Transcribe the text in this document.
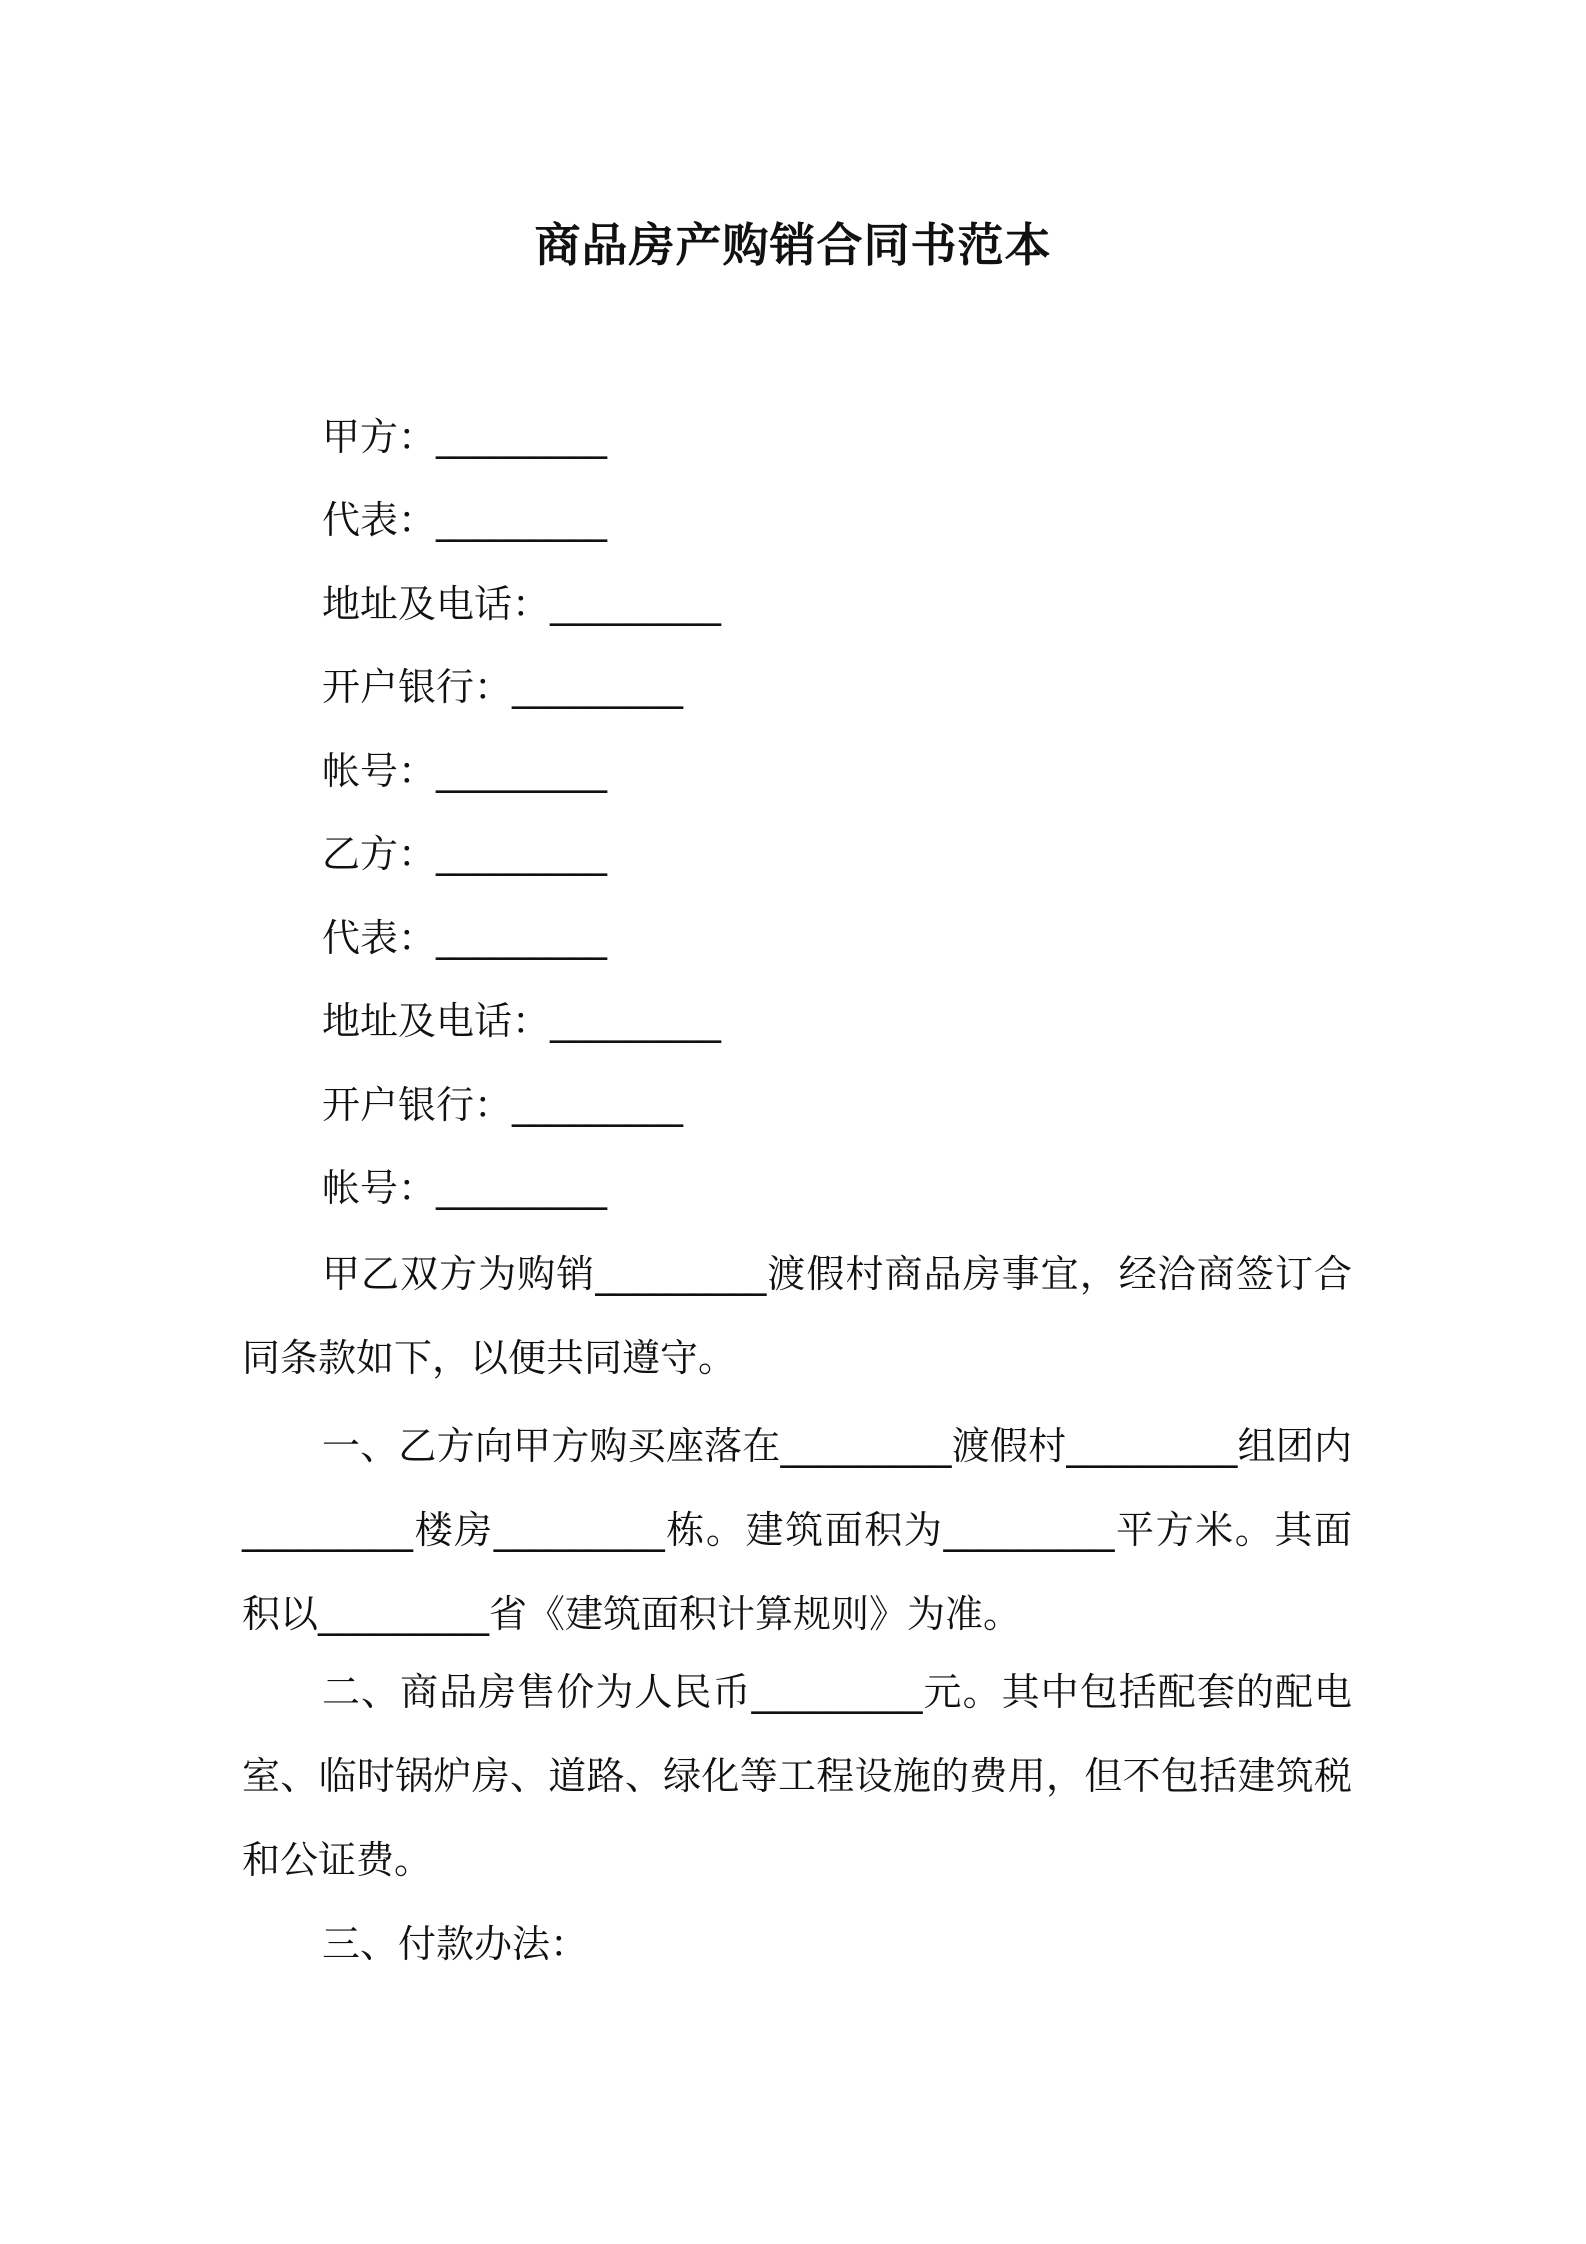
商品房产购销合同书范本

甲方：_________

代表：_________

地址及电话：_________

开户银行：_________

帐号：_________

乙方：_________

代表：_________

地址及电话：_________

开户银行：_________

帐号：_________

甲乙双方为购销_________渡假村商品房事宜，经洽商签订合同条款如下，以便共同遵守。

一、乙方向甲方购买座落在_________渡假村_________组团内_________楼房_________栋。建筑面积为_________平方米。其面积以_________省《建筑面积计算规则》为准。

二、商品房售价为人民币_________元。其中包括配套的配电室、临时锅炉房、道路、绿化等工程设施的费用，但不包括建筑税和公证费。

三、付款办法：
